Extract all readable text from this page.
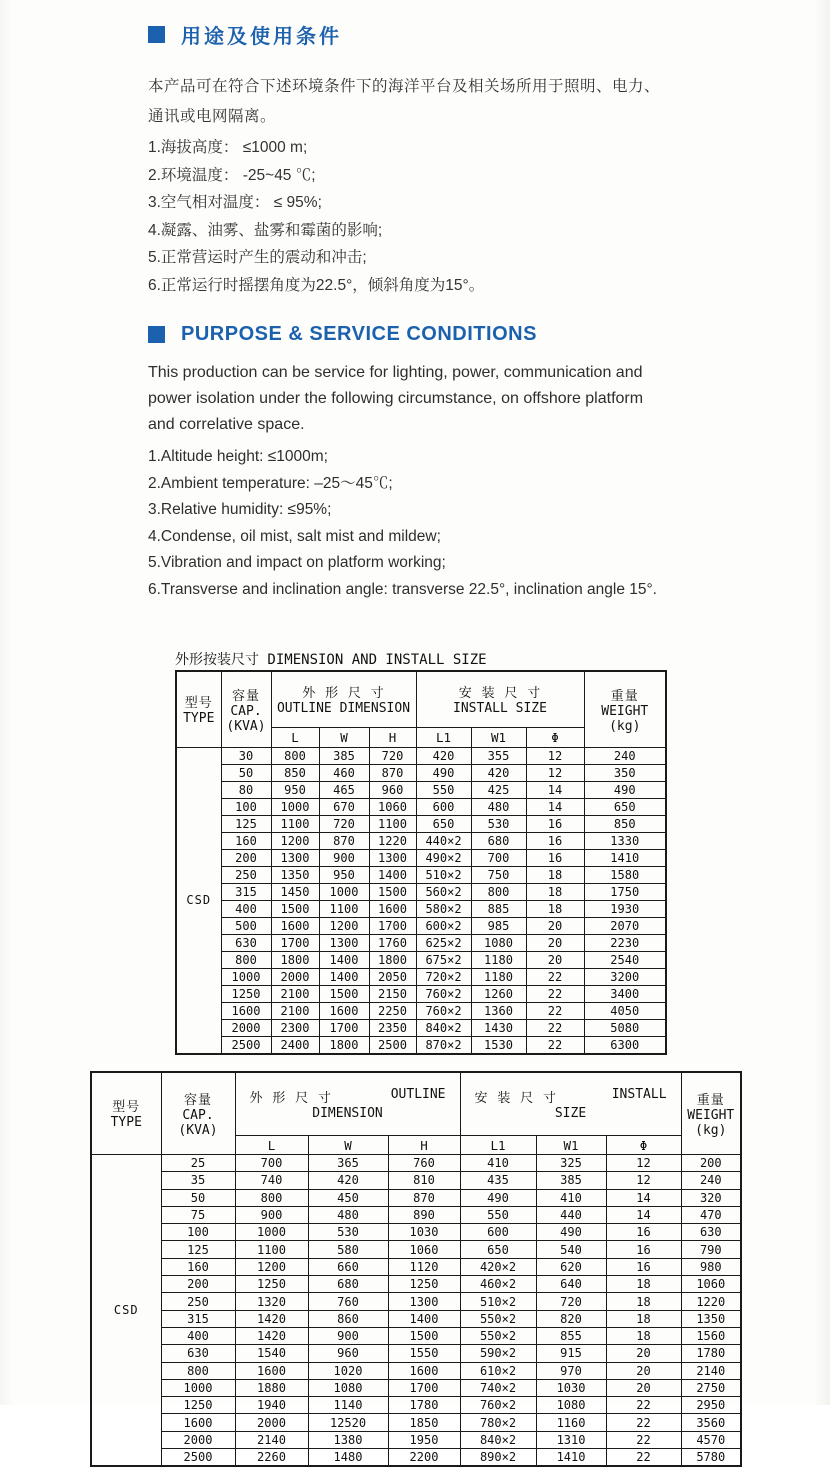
用途及使用条件
本产品可在符合下述环境条件下的海洋平台及相关场所用于照明、电力、
通讯或电网隔离。
1.海拔高度： ≤1000 m;
2.环境温度： -25~45 ℃;
3.空气相对温度： ≤ 95%;
4.凝露、油雾、盐雾和霉菌的影响;
5.正常营运时产生的震动和冲击;
6.正常运行时摇摆角度为22.5°，倾斜角度为15°。
PURPOSE & SERVICE CONDITIONS
This production can be service for lighting, power, communication and
power isolation under the following circumstance, on offshore platform
and correlative space.
1.Altitude height: ≤1000m;
2.Ambient temperature: –25～45℃;
3.Relative humidity: ≤95%;
4.Condense, oil mist, salt mist and mildew;
5.Vibration and impact on platform working;
6.Transverse and inclination angle: transverse 22.5°, inclination angle 15°.
外形按装尺寸 DIMENSION AND INSTALL SIZE
型号
TYPE

容量
CAP.
(KVA)

外 形 尺 寸
OUTLINE DIMENSION

安 装 尺 寸
INSTALL SIZE

重量
WEIGHT
(kg)

		L	W	H	L1	W1	Φ	
CSD	30	800	385	720	420	355	12	240
	50	850	460	870	490	420	12	350
	80	950	465	960	550	425	14	490
	100	1000	670	1060	600	480	14	650
	125	1100	720	1100	650	530	16	850
	160	1200	870	1220	440×2	680	16	1330
	200	1300	900	1300	490×2	700	16	1410
	250	1350	950	1400	510×2	750	18	1580
	315	1450	1000	1500	560×2	800	18	1750
	400	1500	1100	1600	580×2	885	18	1930
	500	1600	1200	1700	600×2	985	20	2070
	630	1700	1300	1760	625×2	1080	20	2230
	800	1800	1400	1800	675×2	1180	20	2540
	1000	2000	1400	2050	720×2	1180	22	3200
	1250	2100	1500	2150	760×2	1260	22	3400
	1600	2100	1600	2250	760×2	1360	22	4050
	2000	2300	1700	2350	840×2	1430	22	5080
	2500	2400	1800	2500	870×2	1530	22	6300
型号
TYPE

容量
CAP.
(KVA)

外 形 尺 寸	OUTLINE
DIMENSION

安 装 尺 寸	INSTALL
SIZE

重量
WEIGHT
(kg)

		L	W	H	L1	W1	Φ	
CSD	25	700	365	760	410	325	12	200
	35	740	420	810	435	385	12	240
	50	800	450	870	490	410	14	320
	75	900	480	890	550	440	14	470
	100	1000	530	1030	600	490	16	630
	125	1100	580	1060	650	540	16	790
	160	1200	660	1120	420×2	620	16	980
	200	1250	680	1250	460×2	640	18	1060
	250	1320	760	1300	510×2	720	18	1220
	315	1420	860	1400	550×2	820	18	1350
	400	1420	900	1500	550×2	855	18	1560
	630	1540	960	1550	590×2	915	20	1780
	800	1600	1020	1600	610×2	970	20	2140
	1000	1880	1080	1700	740×2	1030	20	2750
	1250	1940	1140	1780	760×2	1080	22	2950
	1600	2000	12520	1850	780×2	1160	22	3560
	2000	2140	1380	1950	840×2	1310	22	4570
	2500	2260	1480	2200	890×2	1410	22	5780
